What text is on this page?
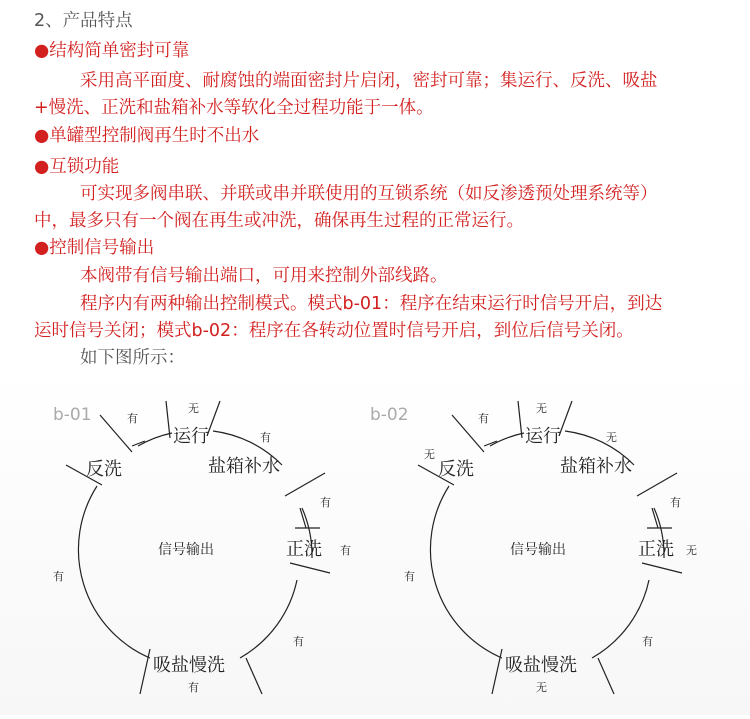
2、产品特点
●结构简单密封可靠
采用高平面度、耐腐蚀的端面密封片启闭，密封可靠；集运行、反洗、吸盐
+慢洗、正洗和盐箱补水等软化全过程功能于一体。
●单罐型控制阀再生时不出水
●互锁功能
可实现多阀串联、并联或串并联使用的互锁系统（如反渗透预处理系统等）
中，最多只有一个阀在再生或冲洗，确保再生过程的正常运行。
●控制信号输出
本阀带有信号输出端口，可用来控制外部线路。
程序内有两种输出控制模式。模式b-01：程序在结束运行时信号开启，到达
运时信号关闭；模式b-02：程序在各转动位置时信号开启，到位后信号关闭。
如下图所示：
b-01
信号输出
运行
盐箱补水
正洗
吸盐慢洗
反洗
无
有
有
有
有
有
有
有
b-02
信号输出
运行
盐箱补水
正洗
吸盐慢洗
反洗
无
无
有
无
有
无
有
有
无
